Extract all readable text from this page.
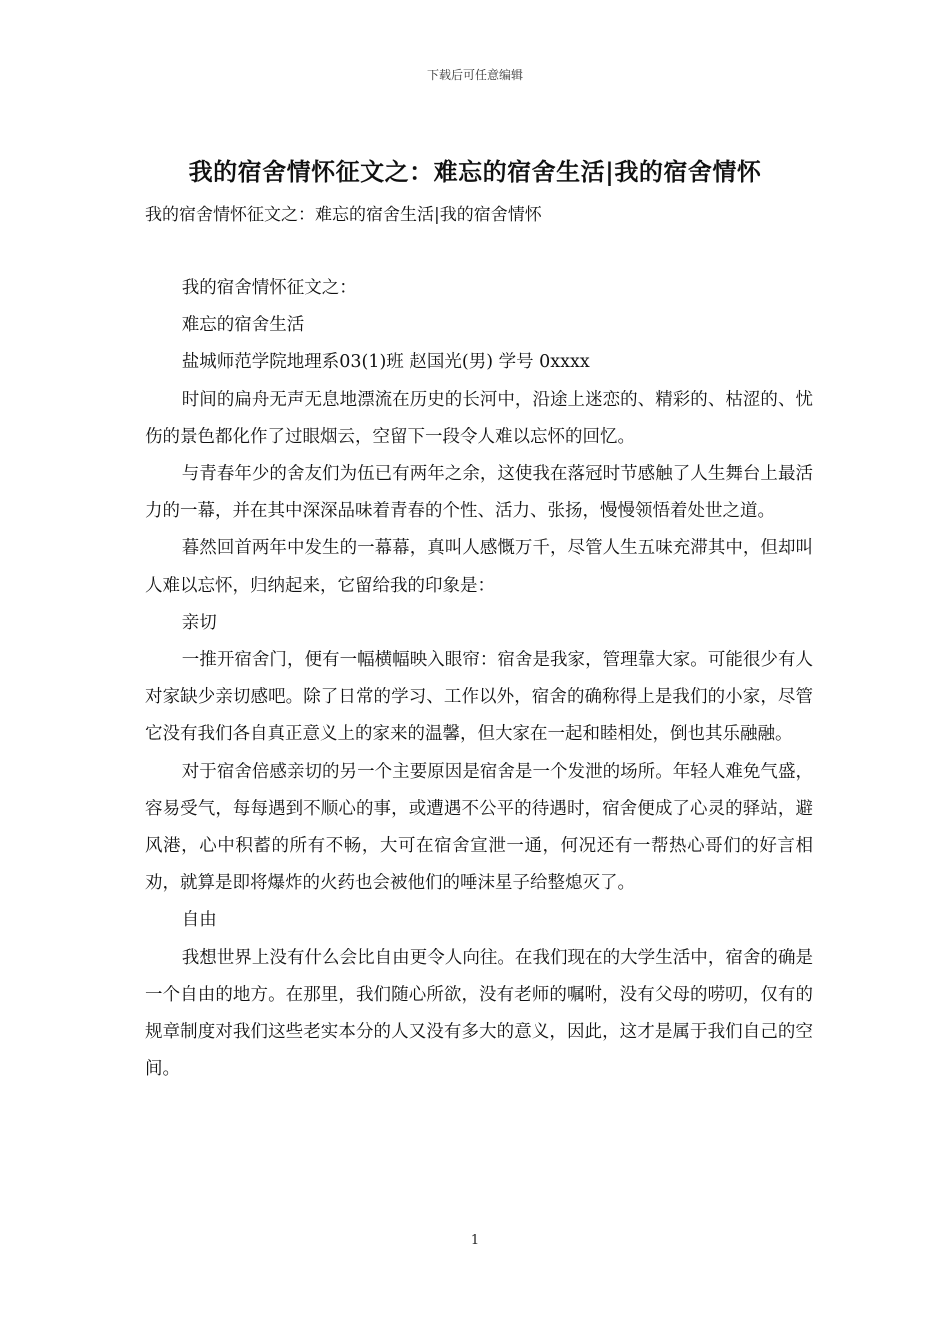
下载后可任意编辑
我的宿舍情怀征文之：难忘的宿舍生活|我的宿舍情怀
我的宿舍情怀征文之：难忘的宿舍生活|我的宿舍情怀

我的宿舍情怀征文之：

难忘的宿舍生活

盐城师范学院地理系03(1)班 赵国光(男) 学号 0xxxx

时间的扁舟无声无息地漂流在历史的长河中，沿途上迷恋的、精彩的、枯涩的、忧伤的景色都化作了过眼烟云，空留下一段令人难以忘怀的回忆。

与青春年少的舍友们为伍已有两年之余，这使我在落冠时节感触了人生舞台上最活力的一幕，并在其中深深品味着青春的个性、活力、张扬，慢慢领悟着处世之道。

暮然回首两年中发生的一幕幕，真叫人感慨万千，尽管人生五味充滞其中，但却叫人难以忘怀，归纳起来，它留给我的印象是：

亲切

一推开宿舍门，便有一幅横幅映入眼帘：宿舍是我家，管理靠大家。可能很少有人对家缺少亲切感吧。除了日常的学习、工作以外，宿舍的确称得上是我们的小家，尽管它没有我们各自真正意义上的家来的温馨，但大家在一起和睦相处，倒也其乐融融。

对于宿舍倍感亲切的另一个主要原因是宿舍是一个发泄的场所。年轻人难免气盛，容易受气，每每遇到不顺心的事，或遭遇不公平的待遇时，宿舍便成了心灵的驿站，避风港，心中积蓄的所有不畅，大可在宿舍宣泄一通，何况还有一帮热心哥们的好言相劝，就算是即将爆炸的火药也会被他们的唾沫星子给整熄灭了。

自由

我想世界上没有什么会比自由更令人向往。在我们现在的大学生活中，宿舍的确是一个自由的地方。在那里，我们随心所欲，没有老师的嘱咐，没有父母的唠叨，仅有的规章制度对我们这些老实本分的人又没有多大的意义，因此，这才是属于我们自己的空间。

1
